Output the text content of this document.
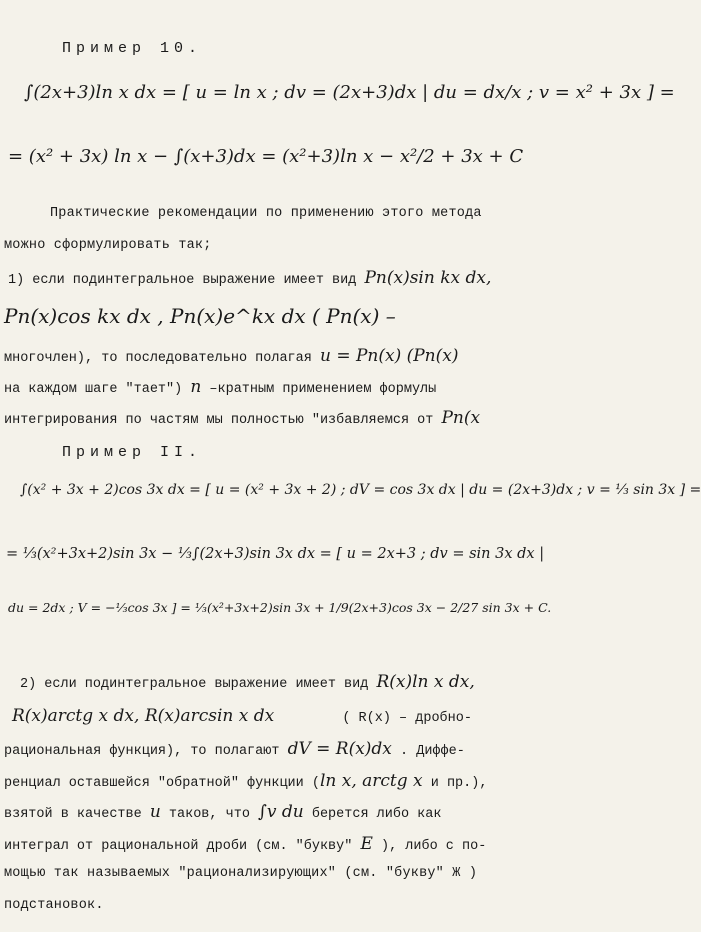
Пример 10.
∫(2x+3)ln x dx = [ u = ln x ; dv = (2x+3)dx | du = dx/x ; v = x² + 3x ] =
= (x² + 3x) ln x − ∫(x+3)dx = (x²+3)ln x − x²/2 + 3x + C
Практические рекомендации по применению этого метода
можно сформулировать так;
1) если подинтегральное выражение имеет вид Pn(x)sin kx dx,
Pn(x)cos kx dx , Pn(x)e^kx dx ( Pn(x) –
многочлен), то последовательно полагая u = Pn(x) (Pn(x)
на каждом шаге "тает") n –кратным применением формулы
интегрирования по частям мы полностью "избавляемся от Pn(x
Пример II.
∫(x² + 3x + 2)cos 3x dx = [ u = (x² + 3x + 2) ; dV = cos 3x dx | du = (2x+3)dx ; v = ⅓ sin 3x ] =
= ⅓(x²+3x+2)sin 3x − ⅓∫(2x+3)sin 3x dx = [ u = 2x+3 ; dv = sin 3x dx |
du = 2dx ; V = −⅓cos 3x ] = ⅓(x²+3x+2)sin 3x + 1/9(2x+3)cos 3x − 2/27 sin 3x + C.
2) если подинтегральное выражение имеет вид R(x)ln x dx,
R(x)arctg x dx, R(x)arcsin x dx	( R(x) – дробно-
рациональная функция), то полагают dV = R(x)dx . Диффе-
ренциал оставшейся "обратной" функции (ln x, arctg x и пр.),
взятой в качестве u таков, что ∫v du берется либо как
интеграл от рациональной дроби (см. "букву" E ), либо с по-
мощью так называемых "рационализирующих" (см. "букву" Ж )
подстановок.
